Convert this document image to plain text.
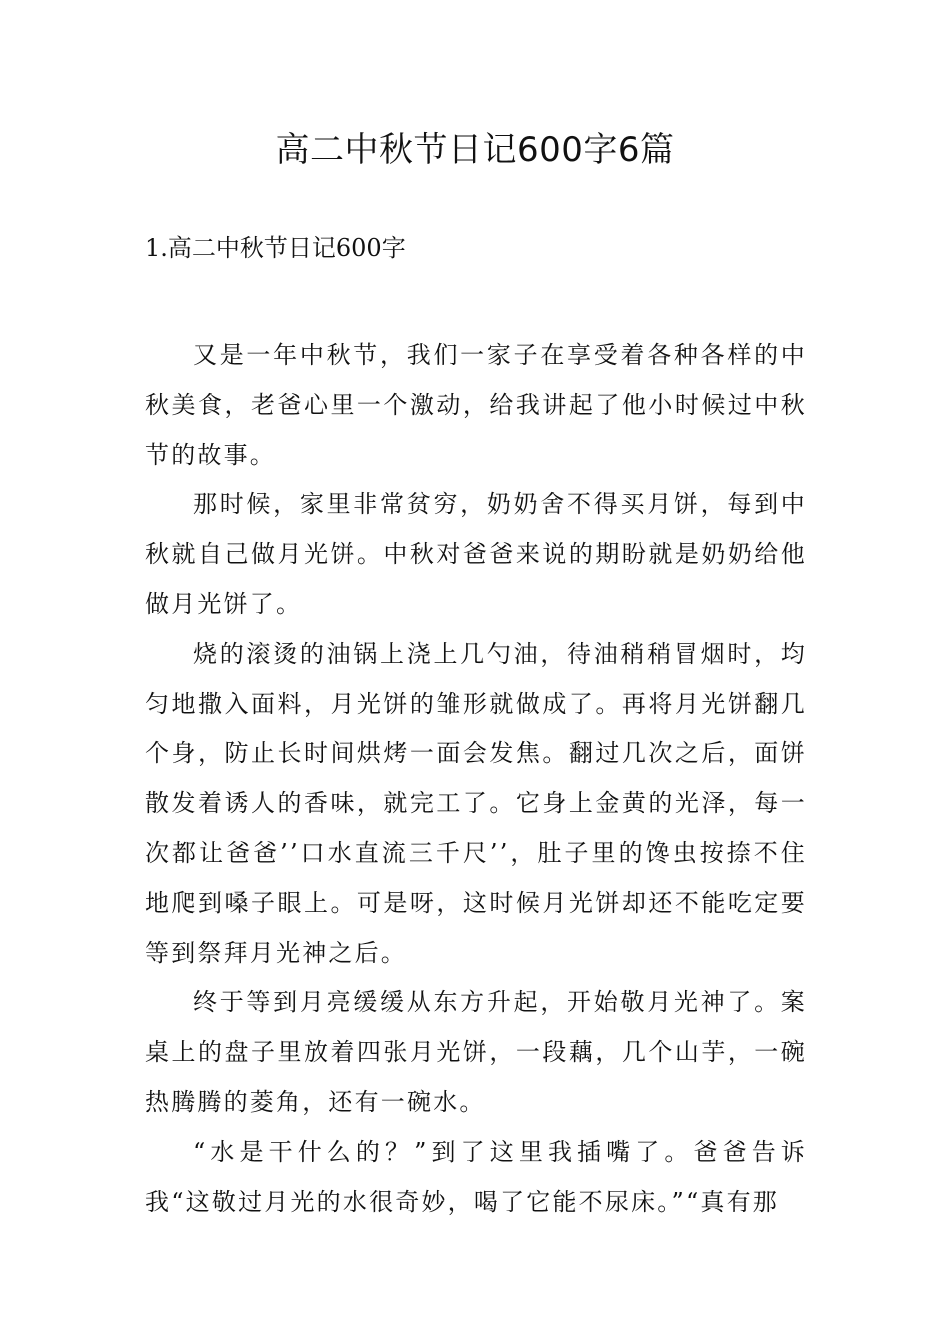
高二中秋节日记600字6篇
1.高二中秋节日记600字

又是一年中秋节，我们一家子在享受着各种各样的中秋美食，老爸心里一个激动，给我讲起了他小时候过中秋节的故事。

那时候，家里非常贫穷，奶奶舍不得买月饼，每到中秋就自己做月光饼。中秋对爸爸来说的期盼就是奶奶给他做月光饼了。

烧的滚烫的油锅上浇上几勺油，待油稍稍冒烟时，均匀地撒入面料，月光饼的雏形就做成了。再将月光饼翻几个身，防止长时间烘烤一面会发焦。翻过几次之后，面饼散发着诱人的香味，就完工了。它身上金黄的光泽，每一次都让爸爸’’口水直流三千尺’’，肚子里的馋虫按捺不住地爬到嗓子眼上。可是呀，这时候月光饼却还不能吃定要等到祭拜月光神之后。

终于等到月亮缓缓从东方升起，开始敬月光神了。案桌上的盘子里放着四张月光饼，一段藕，几个山芋，一碗热腾腾的菱角，还有一碗水。

“水是干什么的？”到了这里我插嘴了。爸爸告诉我“这敬过月光的水很奇妙，喝了它能不尿床。”“真有那
